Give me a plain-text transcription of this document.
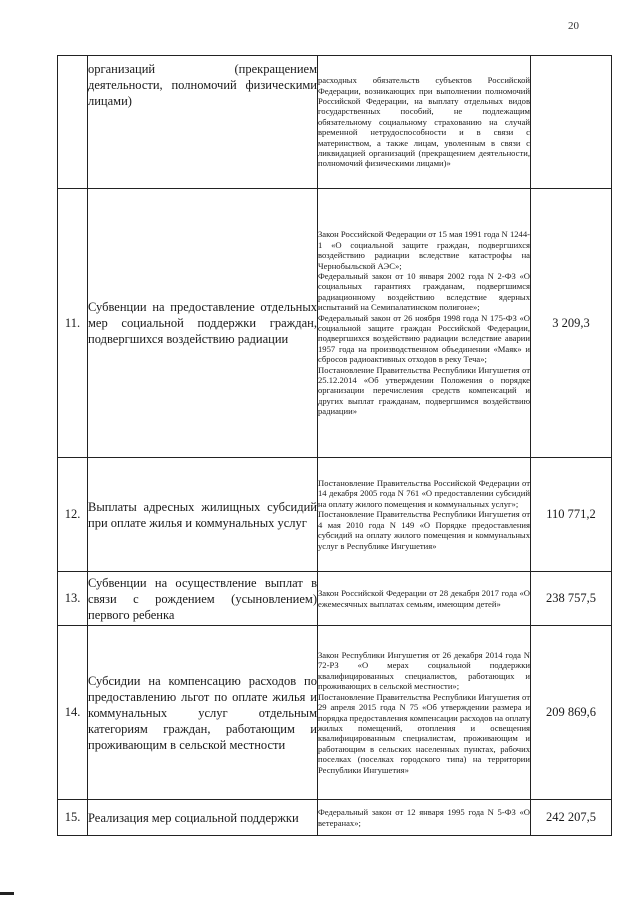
20
	организаций (прекращением деятельности, полномочий физическими лицами)	расходных обязательств субъектов Российской Федерации, возникающих при выполнении полномочий Российской Федерации, на выплату отдельных видов государственных пособий, не подлежащим обязательному социальному страхованию на случай временной нетрудоспособности и в связи с материнством, а также лицам, уволенным в связи с ликвидацией организаций (прекращением деятельности, полномочий физическими лицами)»	

11.	Субвенции на предоставление отдельных мер социальной поддержки граждан, подвергшихся воздействию радиации	Закон Российской Федерации от 15 мая 1991 года N 1244-1 «О социальной защите граждан, подвергшихся воздействию радиации вследствие катастрофы на Чернобыльской АЭС»;
Федеральный закон от 10 января 2002 года N 2-ФЗ «О социальных гарантиях гражданам, подвергшимся радиационному воздействию вследствие ядерных испытаний на Семипалатинском полигоне»;
Федеральный закон от 26 ноября 1998 года N 175-ФЗ «О социальной защите граждан Российской Федерации, подвергшихся воздействию радиации вследствие аварии 1957 года на производственном объединении «Маяк» и сбросов радиоактивных отходов в реку Теча»;
Постановление Правительства Республики Ингушетия от 25.12.2014 «Об утверждении Положения о порядке организации перечисления средств компенсаций и других выплат гражданам, подвергшимся воздействию радиации»	3 209,3
12.	Выплаты адресных жилищных субсидий при оплате жилья и коммунальных услуг	Постановление Правительства Российской Федерации от 14 декабря 2005 года N 761 «О предоставлении субсидий на оплату жилого помещения и коммунальных услуг»;
Постановление Правительства Республики Ингушетия от 4 мая 2010 года N 149 «О Порядке предоставления субсидий на оплату жилого помещения и коммунальных услуг в Республике Ингушетия»	110 771,2
13.	Субвенции на осуществление выплат в связи с рождением (усыновлением) первого ребенка	Закон Российской Федерации от 28 декабря 2017 года «О ежемесячных выплатах семьям, имеющим детей»	238 757,5
14.	Субсидии на компенсацию расходов по предоставлению льгот по оплате жилья и коммунальных услуг отдельным категориям граждан, работающим и проживающим в сельской местности	Закон Республики Ингушетия от 26 декабря 2014 года N 72-РЗ «О мерах социальной поддержки квалифицированных специалистов, работающих и проживающих в сельской местности»;
Постановление Правительства Республики Ингушетия от 29 апреля 2015 года N 75 «Об утверждении размера и порядка предоставления компенсации расходов на оплату жилых помещений, отопления и освещения квалифицированным специалистам, проживающим и работающим в сельских населенных пунктах, рабочих поселках (поселках городского типа) на территории Республики Ингушетия»	209 869,6
15.	Реализация мер социальной поддержки	Федеральный закон от 12 января 1995 года N 5-ФЗ «О ветеранах»;	242 207,5
